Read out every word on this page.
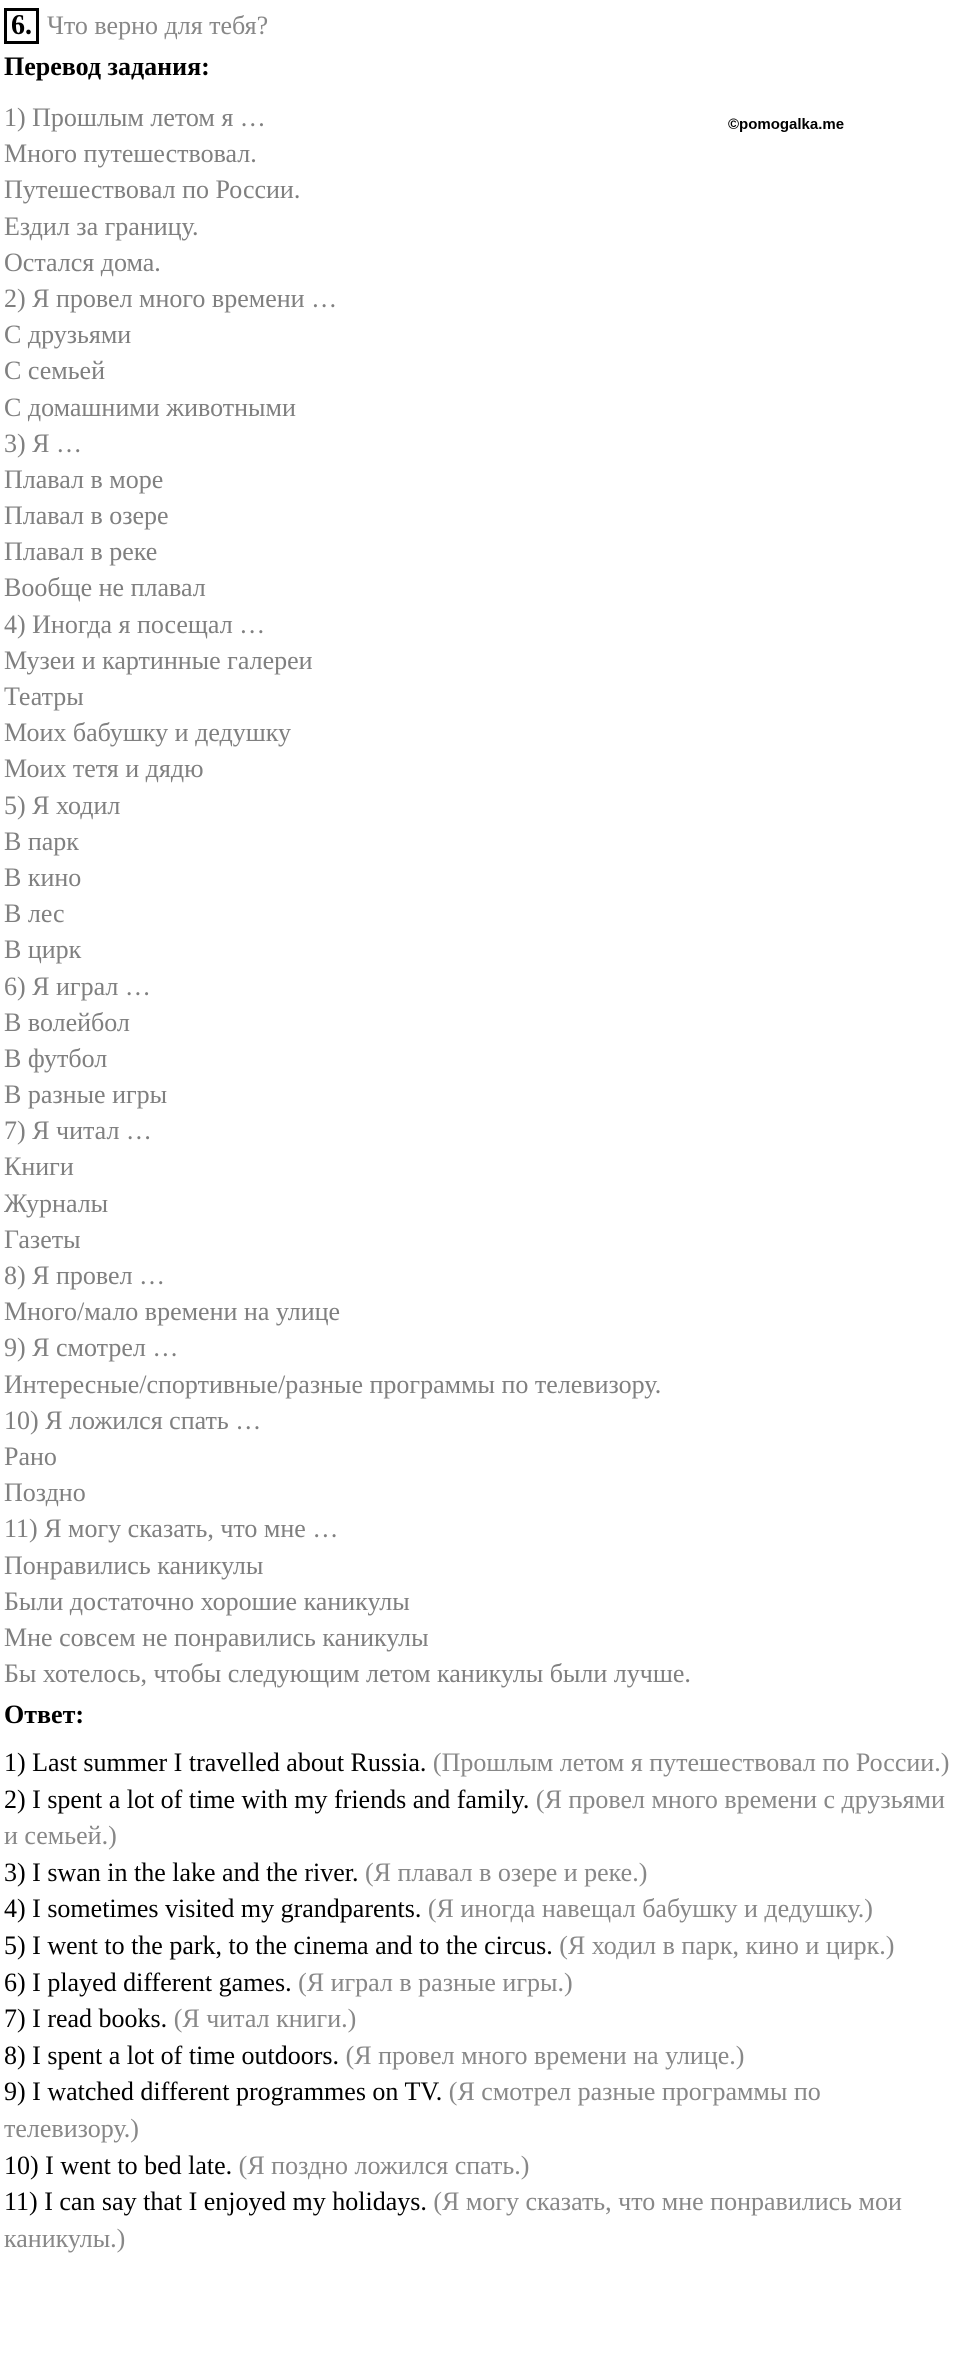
6. Что верно для тебя?
Перевод задания:
©pomogalka.me
1) Прошлым летом я …
Много путешествовал.
Путешествовал по России.
Ездил за границу.
Остался дома.
2) Я провел много времени …
С друзьями
С семьей
С домашними животными
3) Я …
Плавал в море
Плавал в озере
Плавал в реке
Вообще не плавал
4) Иногда я посещал …
Музеи и картинные галереи
Театры
Моих бабушку и дедушку
Моих тетя и дядю
5) Я ходил
В парк
В кино
В лес
В цирк
6) Я играл …
В волейбол
В футбол
В разные игры
7) Я читал …
Книги
Журналы
Газеты
8) Я провел …
Много/мало времени на улице
9) Я смотрел …
Интересные/спортивные/разные программы по телевизору.
10) Я ложился спать …
Рано
Поздно
11) Я могу сказать, что мне …
Понравились каникулы
Были достаточно хорошие каникулы
Мне совсем не понравились каникулы
Бы хотелось, чтобы следующим летом каникулы были лучше.
Ответ:
1) Last summer I travelled about Russia. (Прошлым летом я путешествовал по России.)
2) I spent a lot of time with my friends and family. (Я провел много времени с друзьями и семьей.)
3) I swan in the lake and the river. (Я плавал в озере и реке.)
4) I sometimes visited my grandparents. (Я иногда навещал бабушку и дедушку.)
5) I went to the park, to the cinema and to the circus. (Я ходил в парк, кино и цирк.)
6) I played different games. (Я играл в разные игры.)
7) I read books. (Я читал книги.)
8) I spent a lot of time outdoors. (Я провел много времени на улице.)
9) I watched different programmes on TV. (Я смотрел разные программы по телевизору.)
10) I went to bed late. (Я поздно ложился спать.)
11) I can say that I enjoyed my holidays. (Я могу сказать, что мне понравились мои каникулы.)
